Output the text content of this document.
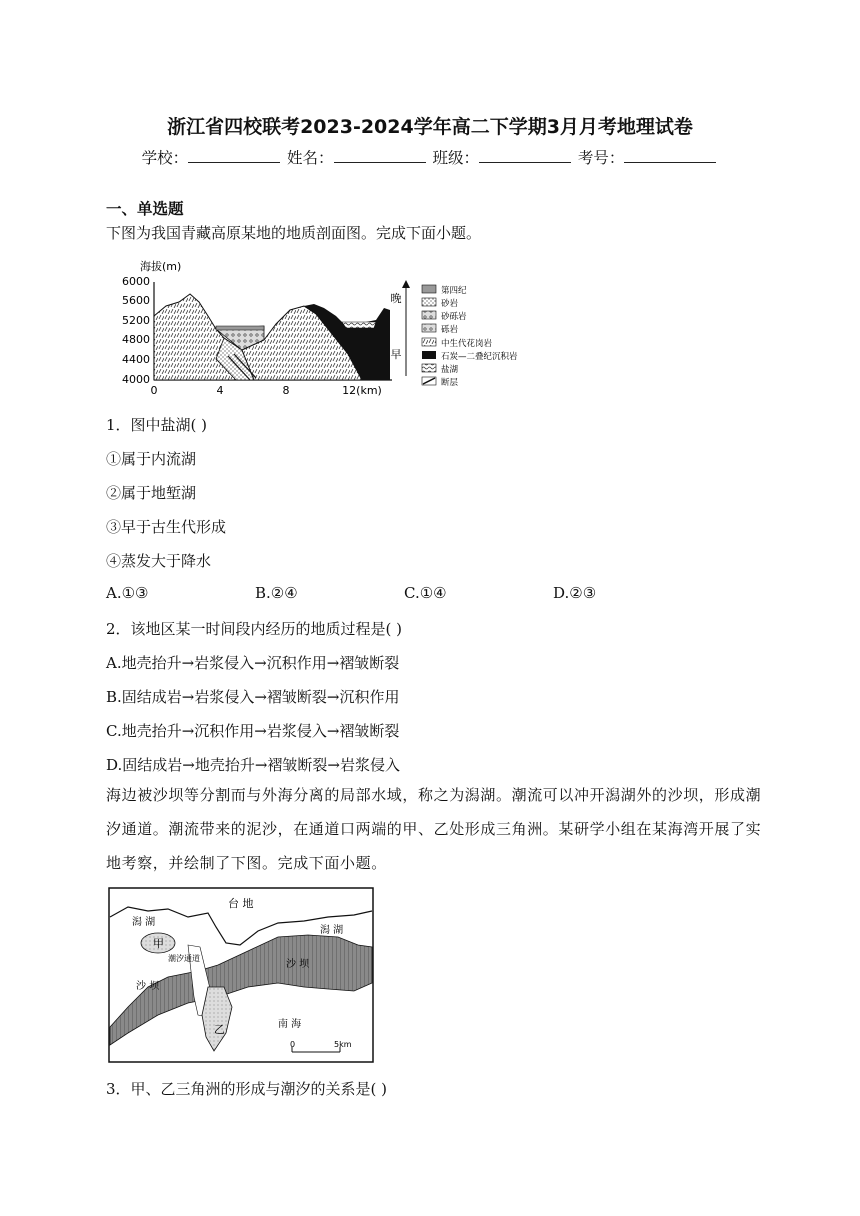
浙江省四校联考2023-2024学年高二下学期3月月考地理试卷
学校：	姓名：	班级：	考号：
一、单选题
下图为我国青藏高原某地的地质剖面图。完成下面小题。
海拔(m)
6000
5600
5200
4800
4400
4000
0	4	8	12(km)
晚
早
第四纪
砂岩
砂砾岩
砾岩
中生代花岗岩
石炭—二叠纪沉积岩
盐湖
断层
1．图中盐湖( )
①属于内流湖
②属于地堑湖
③早于古生代形成
④蒸发大于降水
A.①③	B.②④	C.①④	D.②③
2．该地区某一时间段内经历的地质过程是( )
A.地壳抬升→岩浆侵入→沉积作用→褶皱断裂
B.固结成岩→岩浆侵入→褶皱断裂→沉积作用
C.地壳抬升→沉积作用→岩浆侵入→褶皱断裂
D.固结成岩→地壳抬升→褶皱断裂→岩浆侵入
海边被沙坝等分割而与外海分离的局部水域，称之为潟湖。潮流可以冲开潟湖外的沙坝，形成潮汐通道。潮流带来的泥沙，在通道口两端的甲、乙处形成三角洲。某研学小组在某海湾开展了实地考察，并绘制了下图。完成下面小题。
台 地
潟 湖
潟 湖
甲
乙
沙 坝
沙 坝
潮汐通道
南 海
0	5km
3．甲、乙三角洲的形成与潮汐的关系是( )
